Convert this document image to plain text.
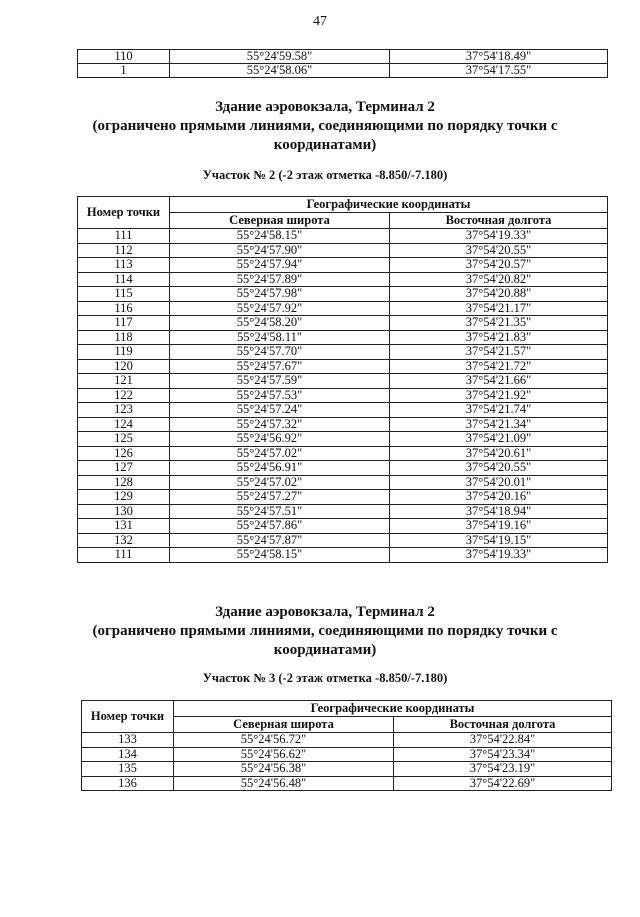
47
110	55°24'59.58"	37°54'18.49"
1	55°24'58.06"	37°54'17.55"
Здание аэровокзала, Терминал 2
(ограничено прямыми линиями, соединяющими по порядку точки с
координатами)
Участок № 2 (-2 этаж отметка -8.850/-7.180)
Номер точки	Географические координаты	
	Северная широта	Восточная долгота
111	55°24'58.15"	37°54'19.33"
112	55°24'57.90"	37°54'20.55"
113	55°24'57.94"	37°54'20.57"
114	55°24'57.89"	37°54'20.82"
115	55°24'57.98"	37°54'20.88"
116	55°24'57.92"	37°54'21.17"
117	55°24'58.20"	37°54'21.35"
118	55°24'58.11"	37°54'21.83"
119	55°24'57.70"	37°54'21.57"
120	55°24'57.67"	37°54'21.72"
121	55°24'57.59"	37°54'21.66"
122	55°24'57.53"	37°54'21.92"
123	55°24'57.24"	37°54'21.74"
124	55°24'57.32"	37°54'21.34"
125	55°24'56.92"	37°54'21.09"
126	55°24'57.02"	37°54'20.61"
127	55°24'56.91"	37°54'20.55"
128	55°24'57.02"	37°54'20.01"
129	55°24'57.27"	37°54'20.16"
130	55°24'57.51"	37°54'18.94"
131	55°24'57.86"	37°54'19.16"
132	55°24'57.87"	37°54'19.15"
111	55°24'58.15"	37°54'19.33"
Здание аэровокзала, Терминал 2
(ограничено прямыми линиями, соединяющими по порядку точки с
координатами)
Участок № 3 (-2 этаж отметка -8.850/-7.180)
Номер точки	Географические координаты	
	Северная широта	Восточная долгота
133	55°24'56.72"	37°54'22.84"
134	55°24'56.62"	37°54'23.34"
135	55°24'56.38"	37°54'23.19"
136	55°24'56.48"	37°54'22.69"
